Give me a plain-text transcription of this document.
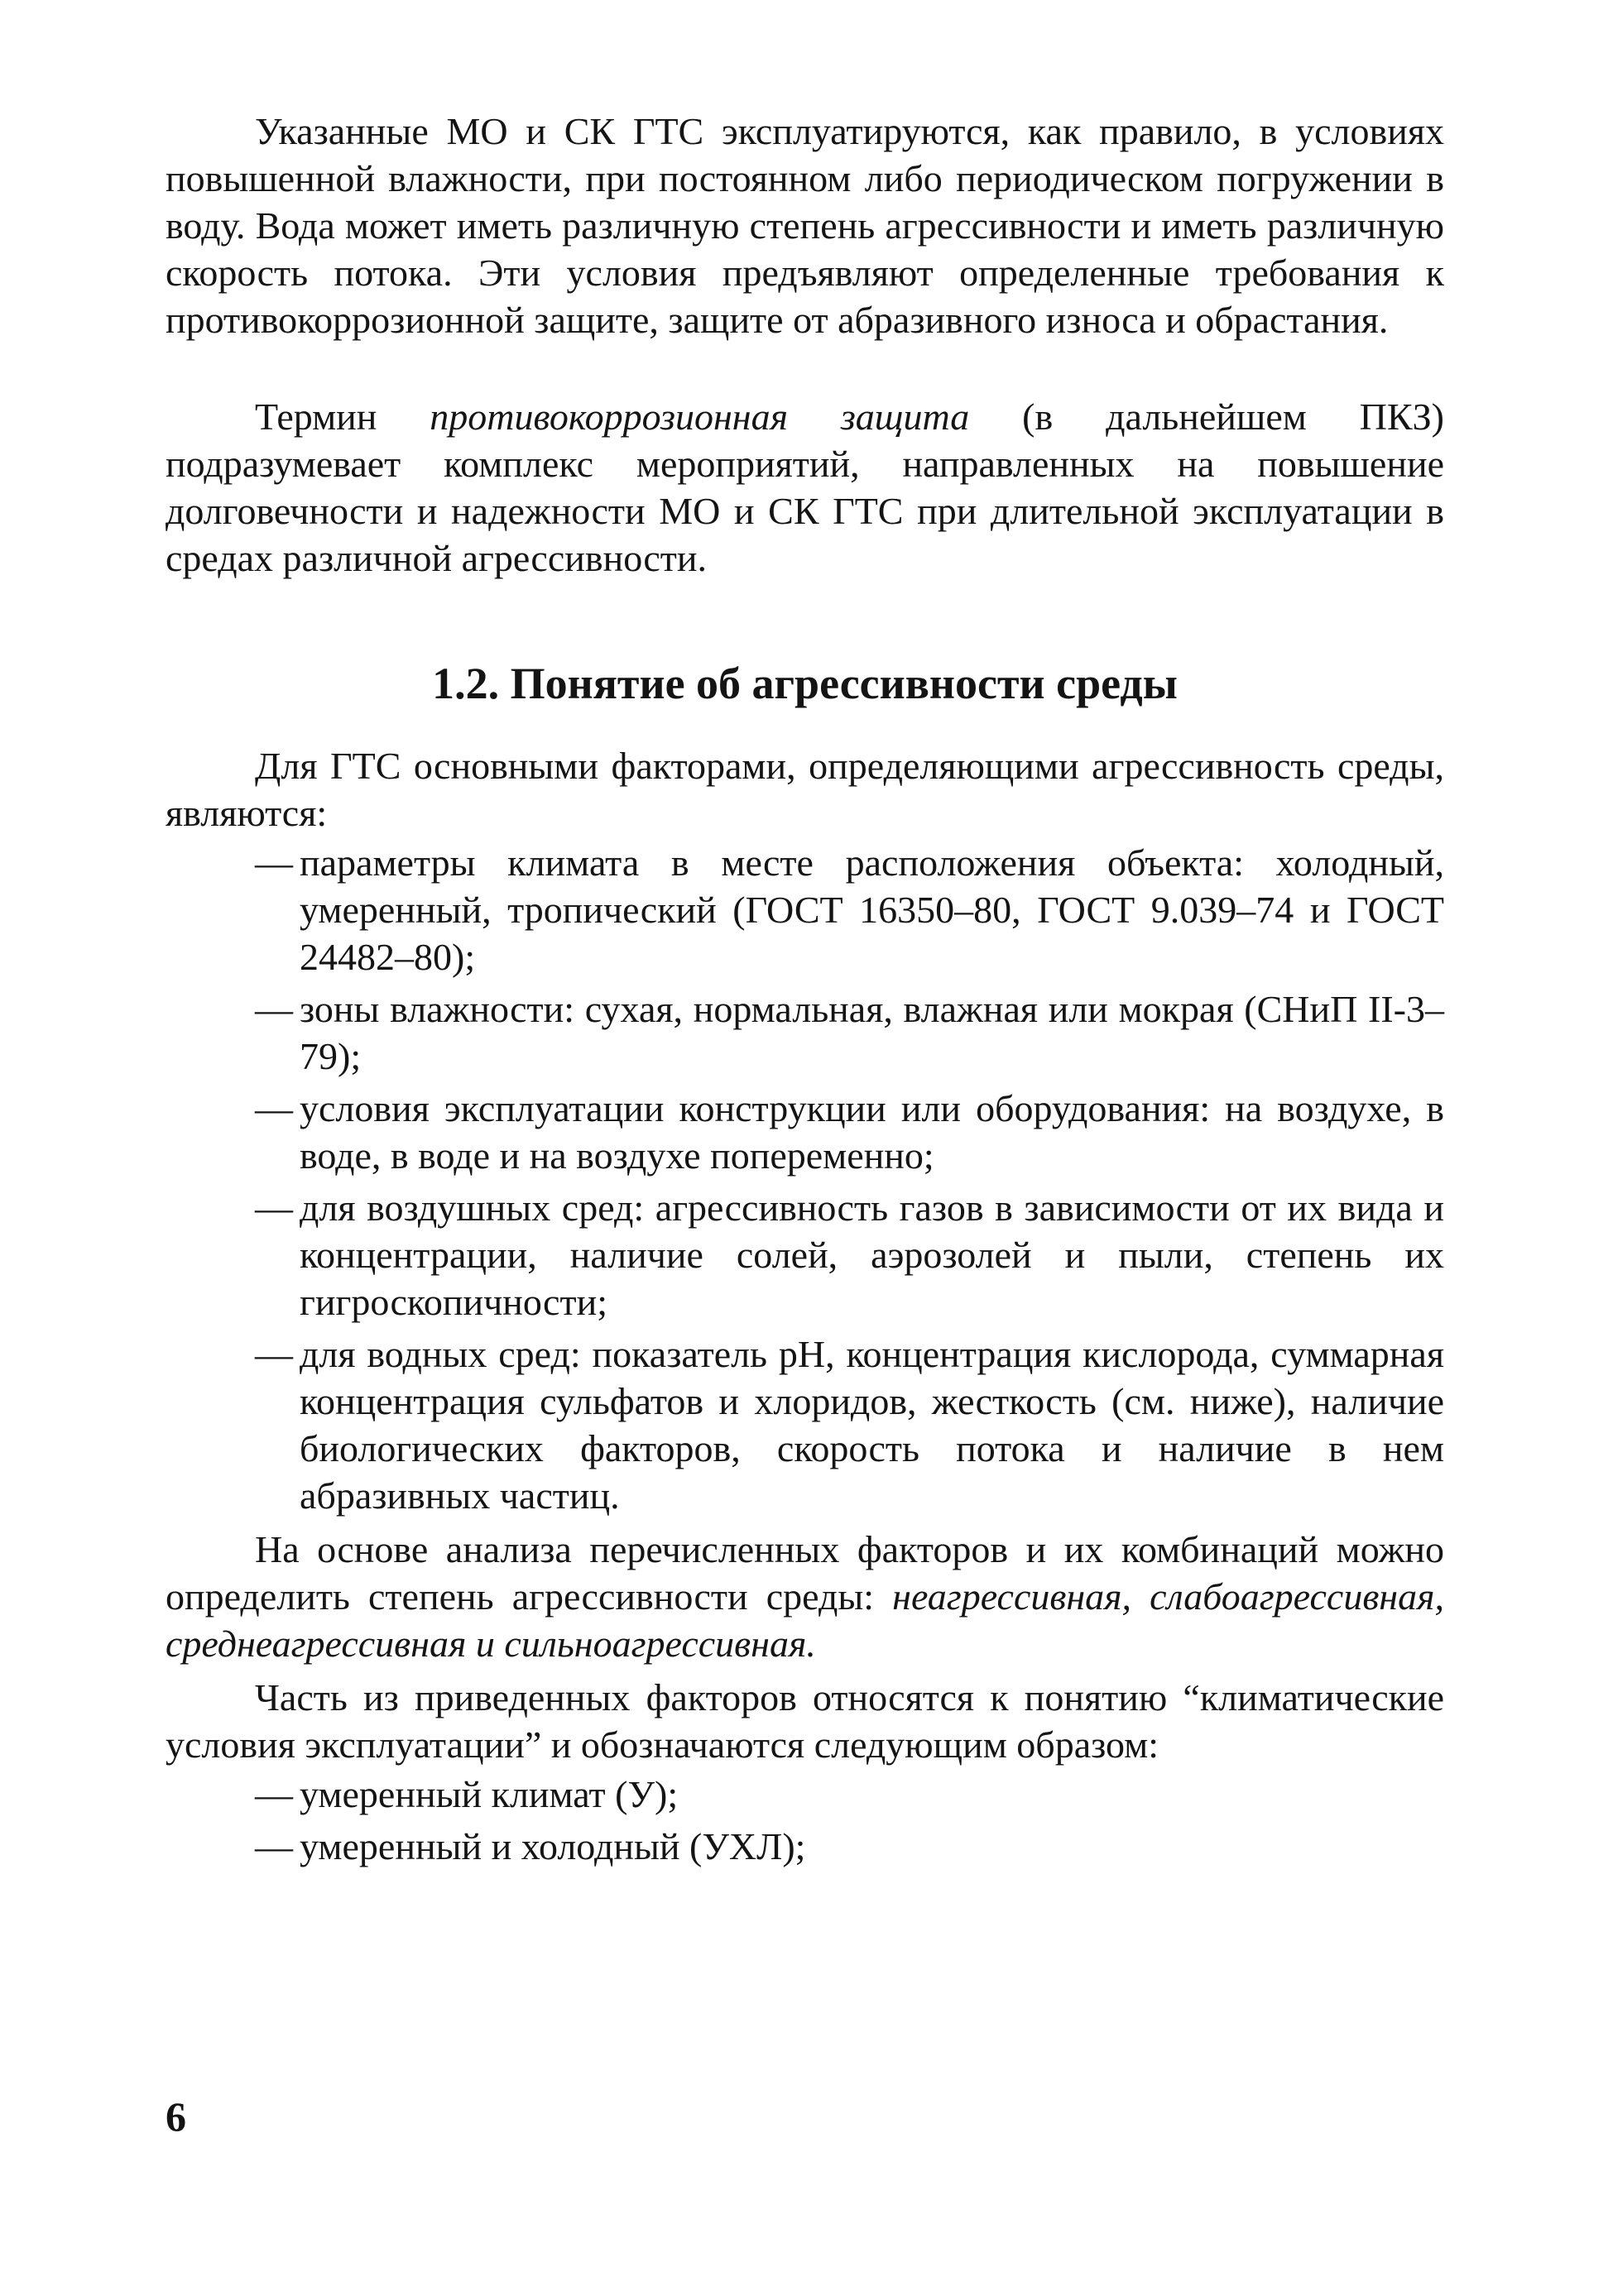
Указанные МО и СК ГТС эксплуатируются, как правило, в условиях повышенной влажности, при постоянном либо периодическом погружении в воду. Вода может иметь различную степень агрессивности и иметь различную скорость потока. Эти условия предъявляют определенные требования к противокоррозионной защите, защите от абразивного износа и обрастания.

Термин противокоррозионная защита (в дальнейшем ПКЗ) подразумевает комплекс мероприятий, направленных на повышение долговечности и надежности МО и СК ГТС при длительной эксплуатации в средах различной агрессивности.

1.2. Понятие об агрессивности среды

Для ГТС основными факторами, определяющими агрессивность среды, являются:

— параметры климата в месте расположения объекта: холодный, умеренный, тропический (ГОСТ 16350–80, ГОСТ 9.039–74 и ГОСТ 24482–80);
— зоны влажности: сухая, нормальная, влажная или мокрая (СНиП II-3–79);
— условия эксплуатации конструкции или оборудования: на воздухе, в воде, в воде и на воздухе попеременно;
— для воздушных сред: агрессивность газов в зависимости от их вида и концентрации, наличие солей, аэрозолей и пыли, степень их гигроскопичности;
— для водных сред: показатель pH, концентрация кислорода, суммарная концентрация сульфатов и хлоридов, жесткость (см. ниже), наличие биологических факторов, скорость потока и наличие в нем абразивных частиц.

На основе анализа перечисленных факторов и их комбинаций можно определить степень агрессивности среды: неагрессивная, слабоагрессивная, среднеагрессивная и сильноагрессивная.

Часть из приведенных факторов относятся к понятию “климатические условия эксплуатации” и обозначаются следующим образом:

— умеренный климат (У);
— умеренный и холодный (УХЛ);
6
